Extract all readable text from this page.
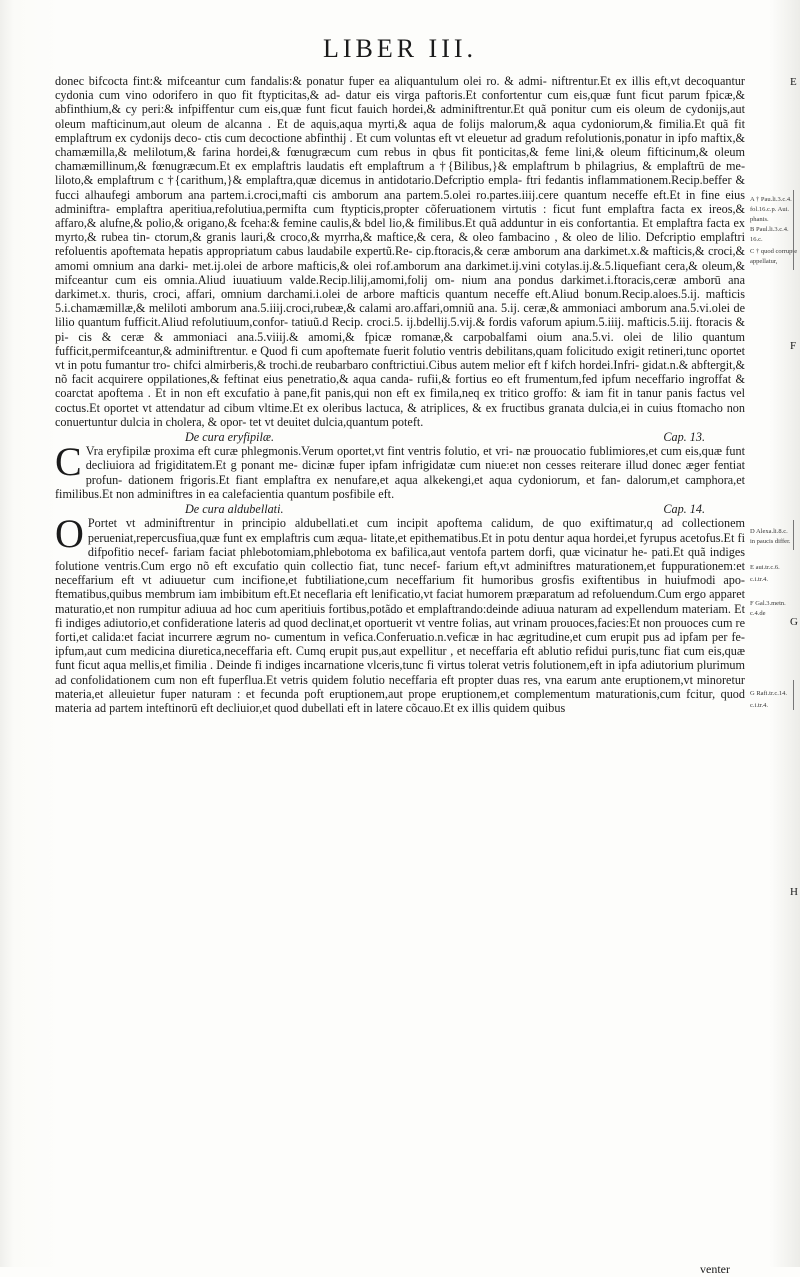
LIBER III.

donec bifcocta fint:& mifceantur cum fandalis:& ponatur fuper ea aliquantulum olei ro. & admi- niftrentur.Et ex illis eft,vt decoquantur cydonia cum vino odorifero in quo fit ftypticitas,& ad- datur eis virga paftoris.Et confortentur cum eis,quæ funt ficut parum fpicæ,& abfinthium,& cy peri:& infpiffentur cum eis,quæ funt ficut fauich hordei,& adminiftrentur.Et quã ponitur cum eis oleum de cydonijs,aut oleum mafticinum,aut oleum de alcanna . Et de aquis,aqua myrti,& aqua de folijs malorum,& aqua cydoniorum,& fimilia.Et quã fit emplaftrum ex cydonijs deco- ctis cum decoctione abfinthij . Et cum voluntas eft vt eleuetur ad gradum refolutionis,ponatur in ipfo maftix,& chamæmilla,& melilotum,& farina hordei,& fœnugræcum cum rebus in qbus fit ponticitas,& feme lini,& oleum fifticinum,& oleum chamæmillinum,& fœnugræcum.Et ex emplaftris laudatis eft emplaftrum a †{Bilibus,}& emplaftrum b philagrius, & emplaftrū de me- liloto,& emplaftrum c †{carithum,}& emplaftra,quæ dicemus in antidotario.Defcriptio empla- ftri fedantis inflammationem.Recip.beffer & fucci alhaufegi amborum ana partem.i.croci,mafti cis amborum ana partem.5.olei ro.partes.iiij.cere quantum neceffe eft.Et in fine eius adminiftra- emplaftra aperitiua,refolutiua,permifta cum ftypticis,propter cõferuationem virtutis : ficut funt emplaftra facta ex ireos,& affaro,& alufne,& polio,& origano,& fceha:& femine caulis,& bdel lio,& fimilibus.Et quã adduntur in eis confortantia. Et emplaftra facta ex myrto,& rubea tin- ctorum,& granis lauri,& croco,& myrrha,& maftice,& cera, & oleo fambacino , & oleo de lilio. Defcriptio emplaftri refoluentis apoftemata hepatis appropriatum cabus laudabile expertũ.Re- cip.ftoracis,& ceræ amborum ana darkimet.x.& mafticis,& croci,& amomi omnium ana darki- met.ij.olei de arbore mafticis,& olei rof.amborum ana darkimet.ij.vini cotylas.ij.&.5.liquefiant cera,& oleum,& mifceantur cum eis omnia.Aliud iuuatiuum valde.Recip.lilij,amomi,folij om- nium ana pondus darkimet.i.ftoracis,ceræ amborū ana darkimet.x. thuris, croci, affari, omnium darchami.i.olei de arbore mafticis quantum neceffe eft.Aliud bonum.Recip.aloes.5.ij. mafticis 5.i.chamæmillæ,& meliloti amborum ana.5.iiij.croci,rubeæ,& calami aro.affari,omniũ ana. 5.ij. ceræ,& ammoniaci amborum ana.5.vi.olei de lilio quantum fufficit.Aliud refolutiuum,confor- tatiuũ.d Recip. croci.5. ij.bdellij.5.vij.& fordis vaforum apium.5.iiij. mafticis.5.iij. ftoracis & pi- cis & ceræ & ammoniaci ana.5.viiij.& amomi,& fpicæ romanæ,& carpobalfami oium ana.5.vi. olei de lilio quantum fufficit,permifceantur,& adminiftrentur. e Quod fi cum apoftemate fuerit folutio ventris debilitans,quam folicitudo exigit retineri,tunc oportet vt in potu fumantur tro- chifci almirberis,& trochi.de reubarbaro conftrictiui.Cibus autem melior eft f kifch hordei.Infri- gidat.n.& abftergit,& nõ facit acquirere oppilationes,& feftinat eius penetratio,& aqua canda- rufii,& fortius eo eft frumentum,fed ipfum neceffario ingroffat & coarctat apoftema . Et in non eft excufatio à pane,fit panis,qui non eft ex fimila,neq ex tritico groffo: & iam fit in tanur panis factus vel coctus.Et oportet vt attendatur ad cibum vltime.Et ex oleribus lactuca, & atriplices, & ex fructibus granata dulcia,ei in cuius ftomacho non conuertuntur dulcia in cholera, & opor- tet vt deuitet dulcia,quantum poteft.

De cura eryfipilæ.	Cap. 13.

C Vra eryfipilæ proxima eft curæ phlegmonis.Verum oportet,vt fint ventris folutio, et vri- næ prouocatio fublimiores,et cum eis,quæ funt decliuiora ad frigiditatem.Et g ponant me- dicinæ fuper ipfam infrigidatæ cum niue:et non cesses reiterare illud donec æger fentiat profun- dationem frigoris.Et fiant emplaftra ex nenufare,et aqua alkekengi,et aqua cydoniorum, et fan- dalorum,et camphora,et fimilibus.Et non adminiftres in ea calefacientia quantum posfibile eft.

De cura aldubellati.	Cap. 14.

O Portet vt adminiftrentur in principio aldubellati.et cum incipit apoftema calidum, de quo exiftimatur,q ad collectionem perueniat,repercusfiua,quæ funt ex emplaftris cum æqua- litate,et epithematibus.Et in potu dentur aqua hordei,et fyrupus acetofus.Et fi difpofitio necef- fariam faciat phlebotomiam,phlebotoma ex bafilica,aut ventofa partem dorfi, quæ vicinatur he- pati.Et quã indiges folutione ventris.Cum ergo nõ eft excufatio quin collectio fiat, tunc necef- farium eft,vt adminiftres maturationem,et fuppurationem:et neceffarium eft vt adiuuetur cum incifione,et fubtiliatione,cum neceffarium fit humoribus grosfis exiftentibus in huiufmodi apo- ftematibus,quibus membrum iam imbibitum eft.Et neceflaria eft lenificatio,vt faciat humorem præparatum ad refoluendum.Cum ergo apparet maturatio,et non rumpitur adiuua ad hoc cum aperitiuis fortibus,potãdo et emplaftrando:deinde adiuua naturam ad expellendum materiam. Et fi indiges adiutorio,et confideratione lateris ad quod declinat,et oportuerit vt ventre folias, aut vrinam prouoces,facies:Et non prouoces cum re forti,et calida:et faciat incurrere ægrum no- cumentum in vefica.Conferuatio.n.veficæ in hac ægritudine,et cum erupit pus ad ipfam per fe- ipfum,aut cum medicina diuretica,neceffaria eft. Cumq erupit pus,aut expellitur , et neceffaria eft ablutio refidui puris,tunc fiat cum eis,quæ funt ficut aqua mellis,et fimilia . Deinde fi indiges incarnatione vlceris,tunc fi virtus tolerat vetris folutionem,eft in ipfa adiutorium plurimum ad confolidationem cum non eft fuperflua.Et vetris quidem folutio neceffaria eft propter duas res, vna earum ante eruptionem,vt minoretur materia,et alleuietur fuper naturam : et fecunda poft eruptionem,aut prope eruptionem,et complementum maturationis,cum fcitur, quod materia ad partem inteftinorū eft decliuior,et quod dubellati eft in latere cõcauo.Et ex illis quidem quibus

E
F
G
H
A † Pau.li.3.c.4.
fol.16.c.p. Aui.
phanis.
B Paul.li.3.c.4.
16.c.
C † quod corrupte
appellatur,
D Alexa.li.8.c.
in paucis differ.
E aui.tr.c.6.
c.i.tr.4.
F Gal.3.metn.
c.4.de
G Rafi.tr.c.14.
c.i.tr.4.
venter
